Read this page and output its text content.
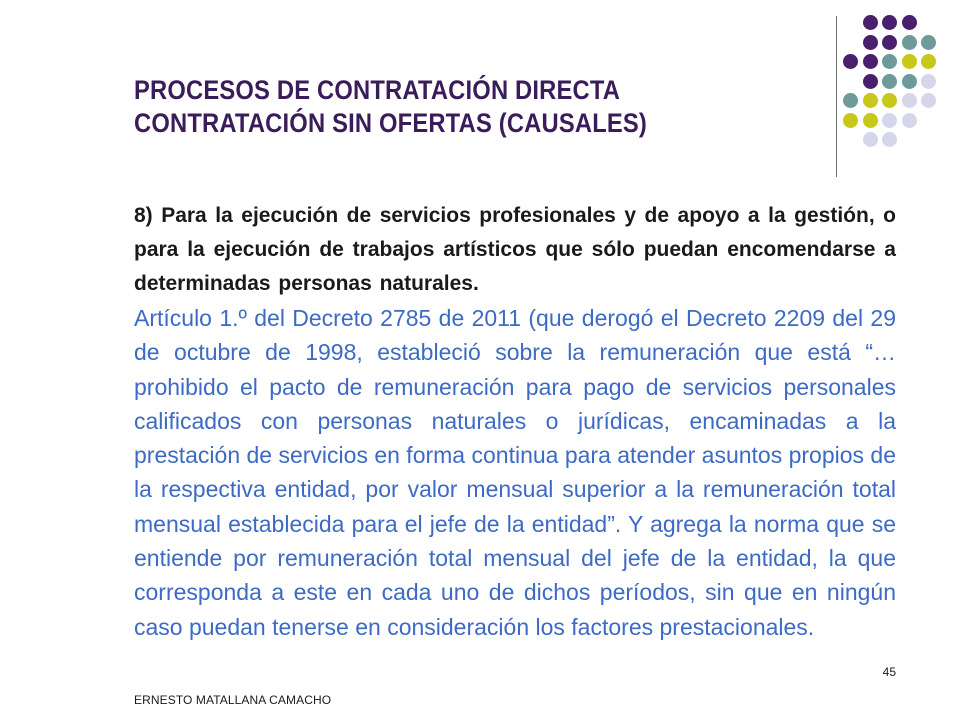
PROCESOS DE CONTRATACIÓN DIRECTA
CONTRATACIÓN SIN OFERTAS (CAUSALES)

8) Para la ejecución de servicios profesionales y de apoyo a la gestión, o para la ejecución de trabajos artísticos que sólo puedan encomendarse a determinadas personas naturales.

Artículo 1.º del Decreto 2785 de 2011 (que derogó el Decreto 2209 del 29 de octubre de 1998, estableció sobre la remuneración que está “…prohibido el pacto de remuneración para pago de servicios personales calificados con personas naturales o jurídicas, encaminadas a la prestación de servicios en forma continua para atender asuntos propios de la respectiva entidad, por valor mensual superior a la remuneración total mensual establecida para el jefe de la entidad”. Y agrega la norma que se entiende por remuneración total mensual del jefe de la entidad, la que corresponda a este en cada uno de dichos períodos, sin que en ningún caso puedan tenerse en consideración los factores prestacionales.

45
ERNESTO MATALLANA CAMACHO
